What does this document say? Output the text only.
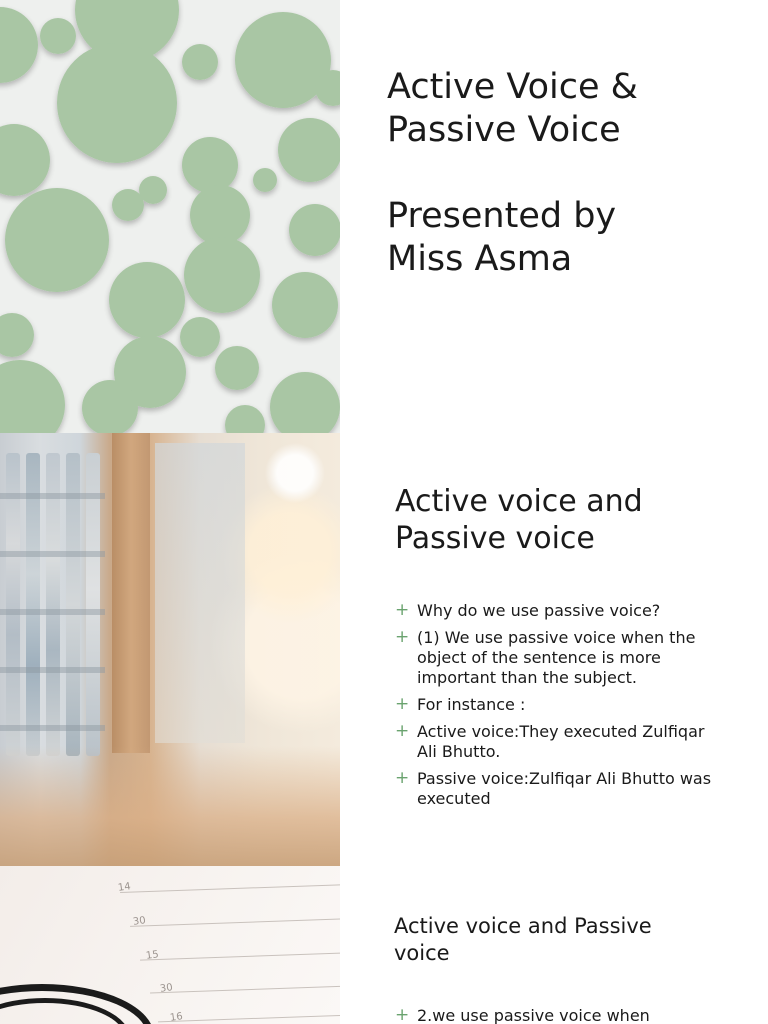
Active Voice &
Passive Voice

Presented by
Miss Asma
Active voice and Passive voice
+ Why do we use passive voice?
+ (1) We use passive voice when the object of the sentence is more important than the subject.
+ For instance :
+ Active voice:They executed Zulfiqar Ali Bhutto.
+ Passive voice:Zulfiqar Ali Bhutto was executed
14
30
15
30
16
Active voice and Passive voice
+ 2.we use passive voice when
